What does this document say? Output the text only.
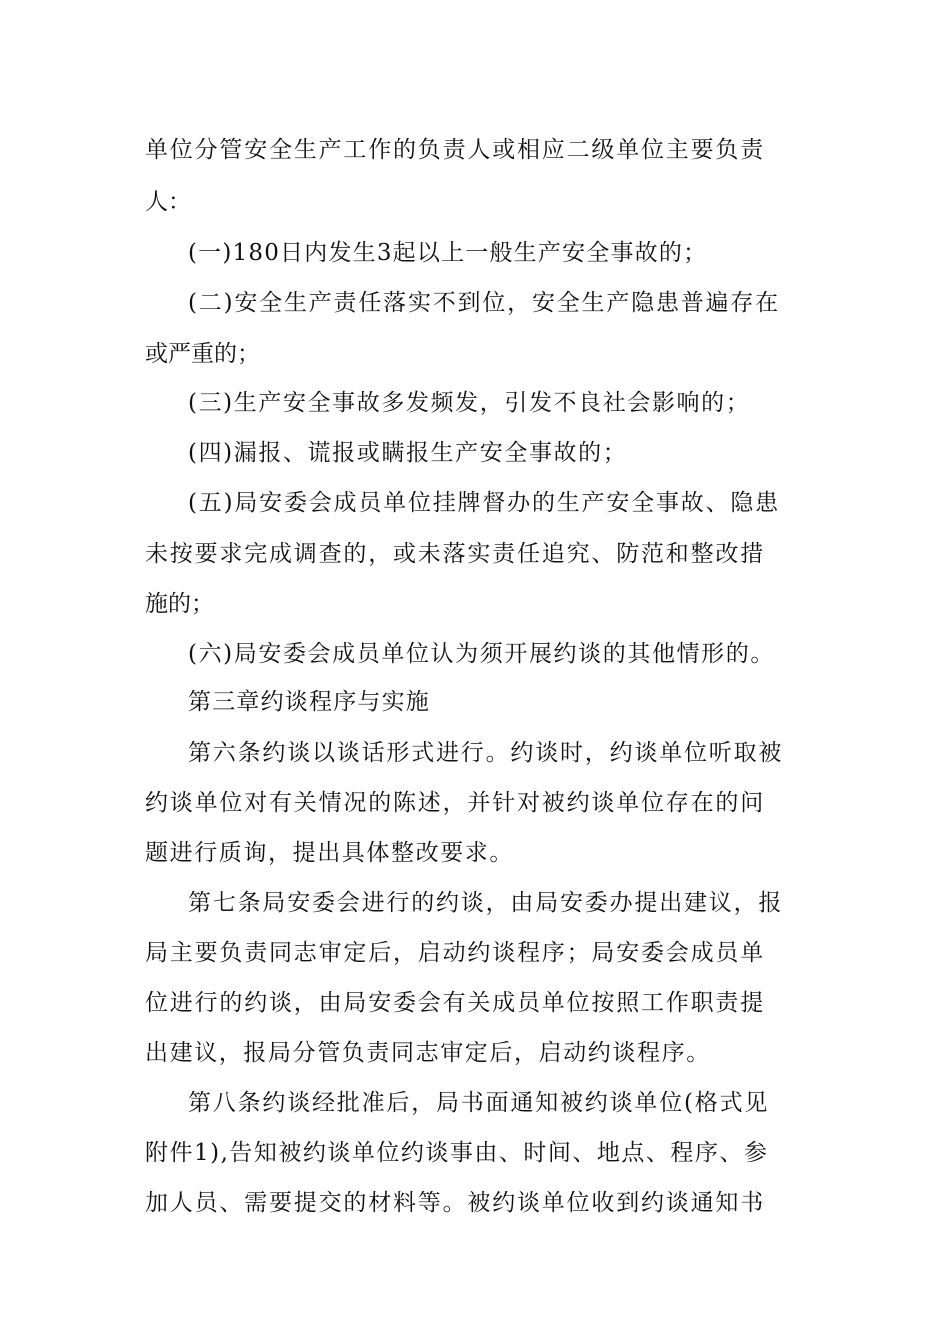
单位分管安全生产工作的负责人或相应二级单位主要负责
人：
(一)180日内发生3起以上一般生产安全事故的；
(二)安全生产责任落实不到位，安全生产隐患普遍存在
或严重的；
(三)生产安全事故多发频发，引发不良社会影响的；
(四)漏报、谎报或瞒报生产安全事故的；
(五)局安委会成员单位挂牌督办的生产安全事故、隐患
未按要求完成调查的，或未落实责任追究、防范和整改措
施的；
(六)局安委会成员单位认为须开展约谈的其他情形的。
第三章约谈程序与实施
第六条约谈以谈话形式进行。约谈时，约谈单位听取被
约谈单位对有关情况的陈述，并针对被约谈单位存在的问
题进行质询，提出具体整改要求。
第七条局安委会进行的约谈，由局安委办提出建议，报
局主要负责同志审定后，启动约谈程序；局安委会成员单
位进行的约谈，由局安委会有关成员单位按照工作职责提
出建议，报局分管负责同志审定后，启动约谈程序。
第八条约谈经批准后，局书面通知被约谈单位(格式见
附件1),告知被约谈单位约谈事由、时间、地点、程序、参
加人员、需要提交的材料等。被约谈单位收到约谈通知书
